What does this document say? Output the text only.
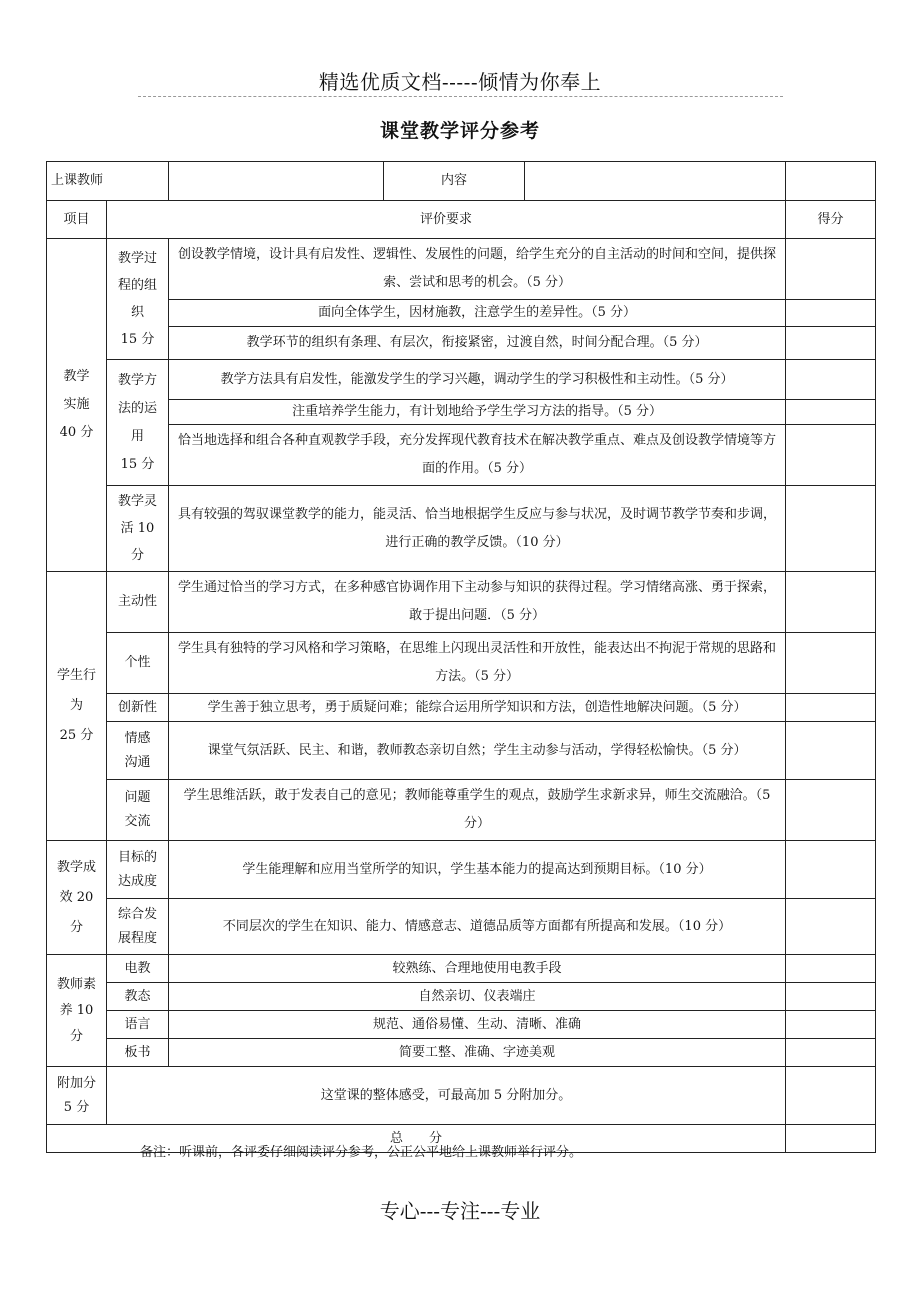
精选优质文档-----倾情为你奉上
课堂教学评分参考
上课教师			内容	

项目	评价要求			得分
教学
实施
40 分	教学过
程的组
织
15 分	创设教学情境，设计具有启发性、逻辑性、发展性的问题，给学生充分的自主活动的时间和空间，提供探索、尝试和思考的机会。（5 分）		
		面向全体学生，因材施教，注意学生的差异性。（5 分）		
		教学环节的组织有条理、有层次，衔接紧密，过渡自然，时间分配合理。（5 分）		
	教学方
法的运
用
15 分	教学方法具有启发性，能激发学生的学习兴趣，调动学生的学习积极性和主动性。（5 分）		
		注重培养学生能力，有计划地给予学生学习方法的指导。（5 分）		
		恰当地选择和组合各种直观教学手段，充分发挥现代教育技术在解决教学重点、难点及创设教学情境等方面的作用。（5 分）		
	教学灵
活 10
分	具有较强的驾驭课堂教学的能力，能灵活、恰当地根据学生反应与参与状况，及时调节教学节奏和步调，进行正确的教学反馈。（10 分）		

学生行
为
25 分	主动性	学生通过恰当的学习方式，在多种感官协调作用下主动参与知识的获得过程。学习情绪高涨、勇于探索，敢于提出问题．（5 分）		
	个性	学生具有独特的学习风格和学习策略，在思维上闪现出灵活性和开放性，能表达出不拘泥于常规的思路和方法。（5 分）		
	创新性	学生善于独立思考，勇于质疑问难；能综合运用所学知识和方法，创造性地解决问题。（5 分）		
	情感
沟通	课堂气氛活跃、民主、和谐，教师教态亲切自然；学生主动参与活动，学得轻松愉快。（5 分）		
	问题
交流	学生思维活跃，敢于发表自己的意见；教师能尊重学生的观点，鼓励学生求新求异，师生交流融洽。（5 分）		
教学成
效 20
分	目标的
达成度	学生能理解和应用当堂所学的知识，学生基本能力的提高达到预期目标。（10 分）		
	综合发
展程度	不同层次的学生在知识、能力、情感意志、道德品质等方面都有所提高和发展。（10 分）		
教师素
养 10
分	电教	较熟练、合理地使用电教手段		
	教态	自然亲切、仪表端庄		
	语言	规范、通俗易懂、生动、清晰、准确		
	板书	简要工整、准确、字迹美观		
附加分
5 分	这堂课的整体感受，可最高加 5 分附加分。			
总　　分				
备注：听课前，各评委仔细阅读评分参考，公正公平地给上课教师举行评分。
专心---专注---专业
